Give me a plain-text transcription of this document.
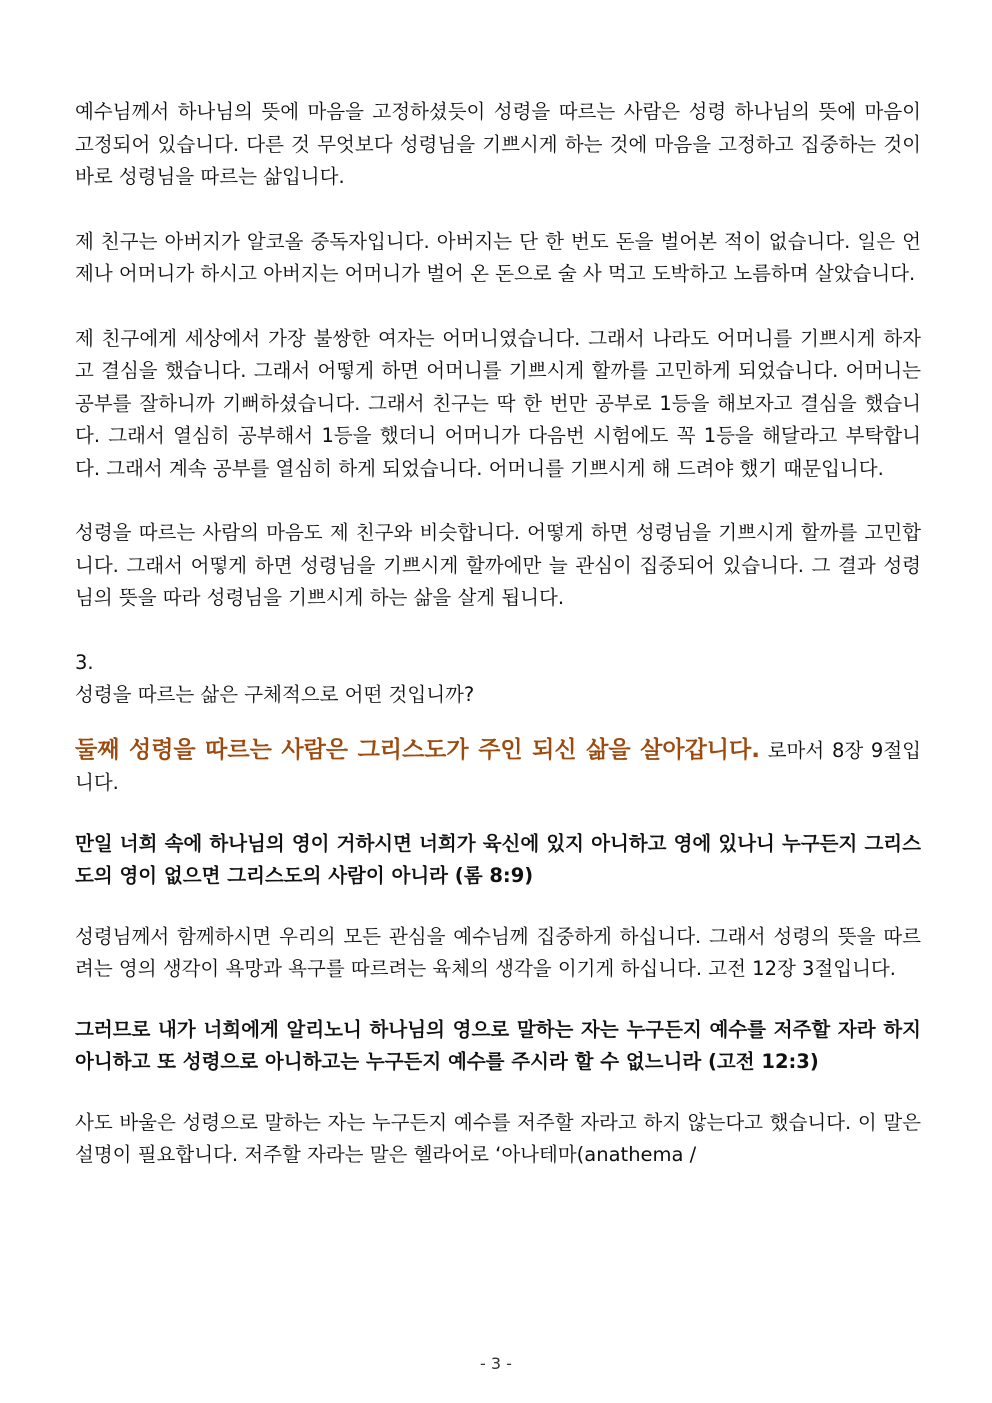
예수님께서 하나님의 뜻에 마음을 고정하셨듯이 성령을 따르는 사람은 성령 하나님의 뜻에 마음이 고정되어 있습니다. 다른 것 무엇보다 성령님을 기쁘시게 하는 것에 마음을 고정하고 집중하는 것이 바로 성령님을 따르는 삶입니다.

제 친구는 아버지가 알코올 중독자입니다. 아버지는 단 한 번도 돈을 벌어본 적이 없습니다. 일은 언제나 어머니가 하시고 아버지는 어머니가 벌어 온 돈으로 술 사 먹고 도박하고 노름하며 살았습니다.

제 친구에게 세상에서 가장 불쌍한 여자는 어머니였습니다. 그래서 나라도 어머니를 기쁘시게 하자고 결심을 했습니다. 그래서 어떻게 하면 어머니를 기쁘시게 할까를 고민하게 되었습니다. 어머니는 공부를 잘하니까 기뻐하셨습니다. 그래서 친구는 딱 한 번만 공부로 1등을 해보자고 결심을 했습니다. 그래서 열심히 공부해서 1등을 했더니 어머니가 다음번 시험에도 꼭 1등을 해달라고 부탁합니다. 그래서 계속 공부를 열심히 하게 되었습니다. 어머니를 기쁘시게 해 드려야 했기 때문입니다.

성령을 따르는 사람의 마음도 제 친구와 비슷합니다. 어떻게 하면 성령님을 기쁘시게 할까를 고민합니다. 그래서 어떻게 하면 성령님을 기쁘시게 할까에만 늘 관심이 집중되어 있습니다. 그 결과 성령님의 뜻을 따라 성령님을 기쁘시게 하는 삶을 살게 됩니다.

3.

성령을 따르는 삶은 구체적으로 어떤 것입니까?

둘째 성령을 따르는 사람은 그리스도가 주인 되신 삶을 살아갑니다. 로마서 8장 9절입니다.

만일 너희 속에 하나님의 영이 거하시면 너희가 육신에 있지 아니하고 영에 있나니 누구든지 그리스도의 영이 없으면 그리스도의 사람이 아니라 (롬 8:9)

성령님께서 함께하시면 우리의 모든 관심을 예수님께 집중하게 하십니다. 그래서 성령의 뜻을 따르려는 영의 생각이 욕망과 욕구를 따르려는 육체의 생각을 이기게 하십니다. 고전 12장 3절입니다.

그러므로 내가 너희에게 알리노니 하나님의 영으로 말하는 자는 누구든지 예수를 저주할 자라 하지 아니하고 또 성령으로 아니하고는 누구든지 예수를 주시라 할 수 없느니라 (고전 12:3)

사도 바울은 성령으로 말하는 자는 누구든지 예수를 저주할 자라고 하지 않는다고 했습니다. 이 말은 설명이 필요합니다. 저주할 자라는 말은 헬라어로 ‘아나테마(anathema /

- 3 -
